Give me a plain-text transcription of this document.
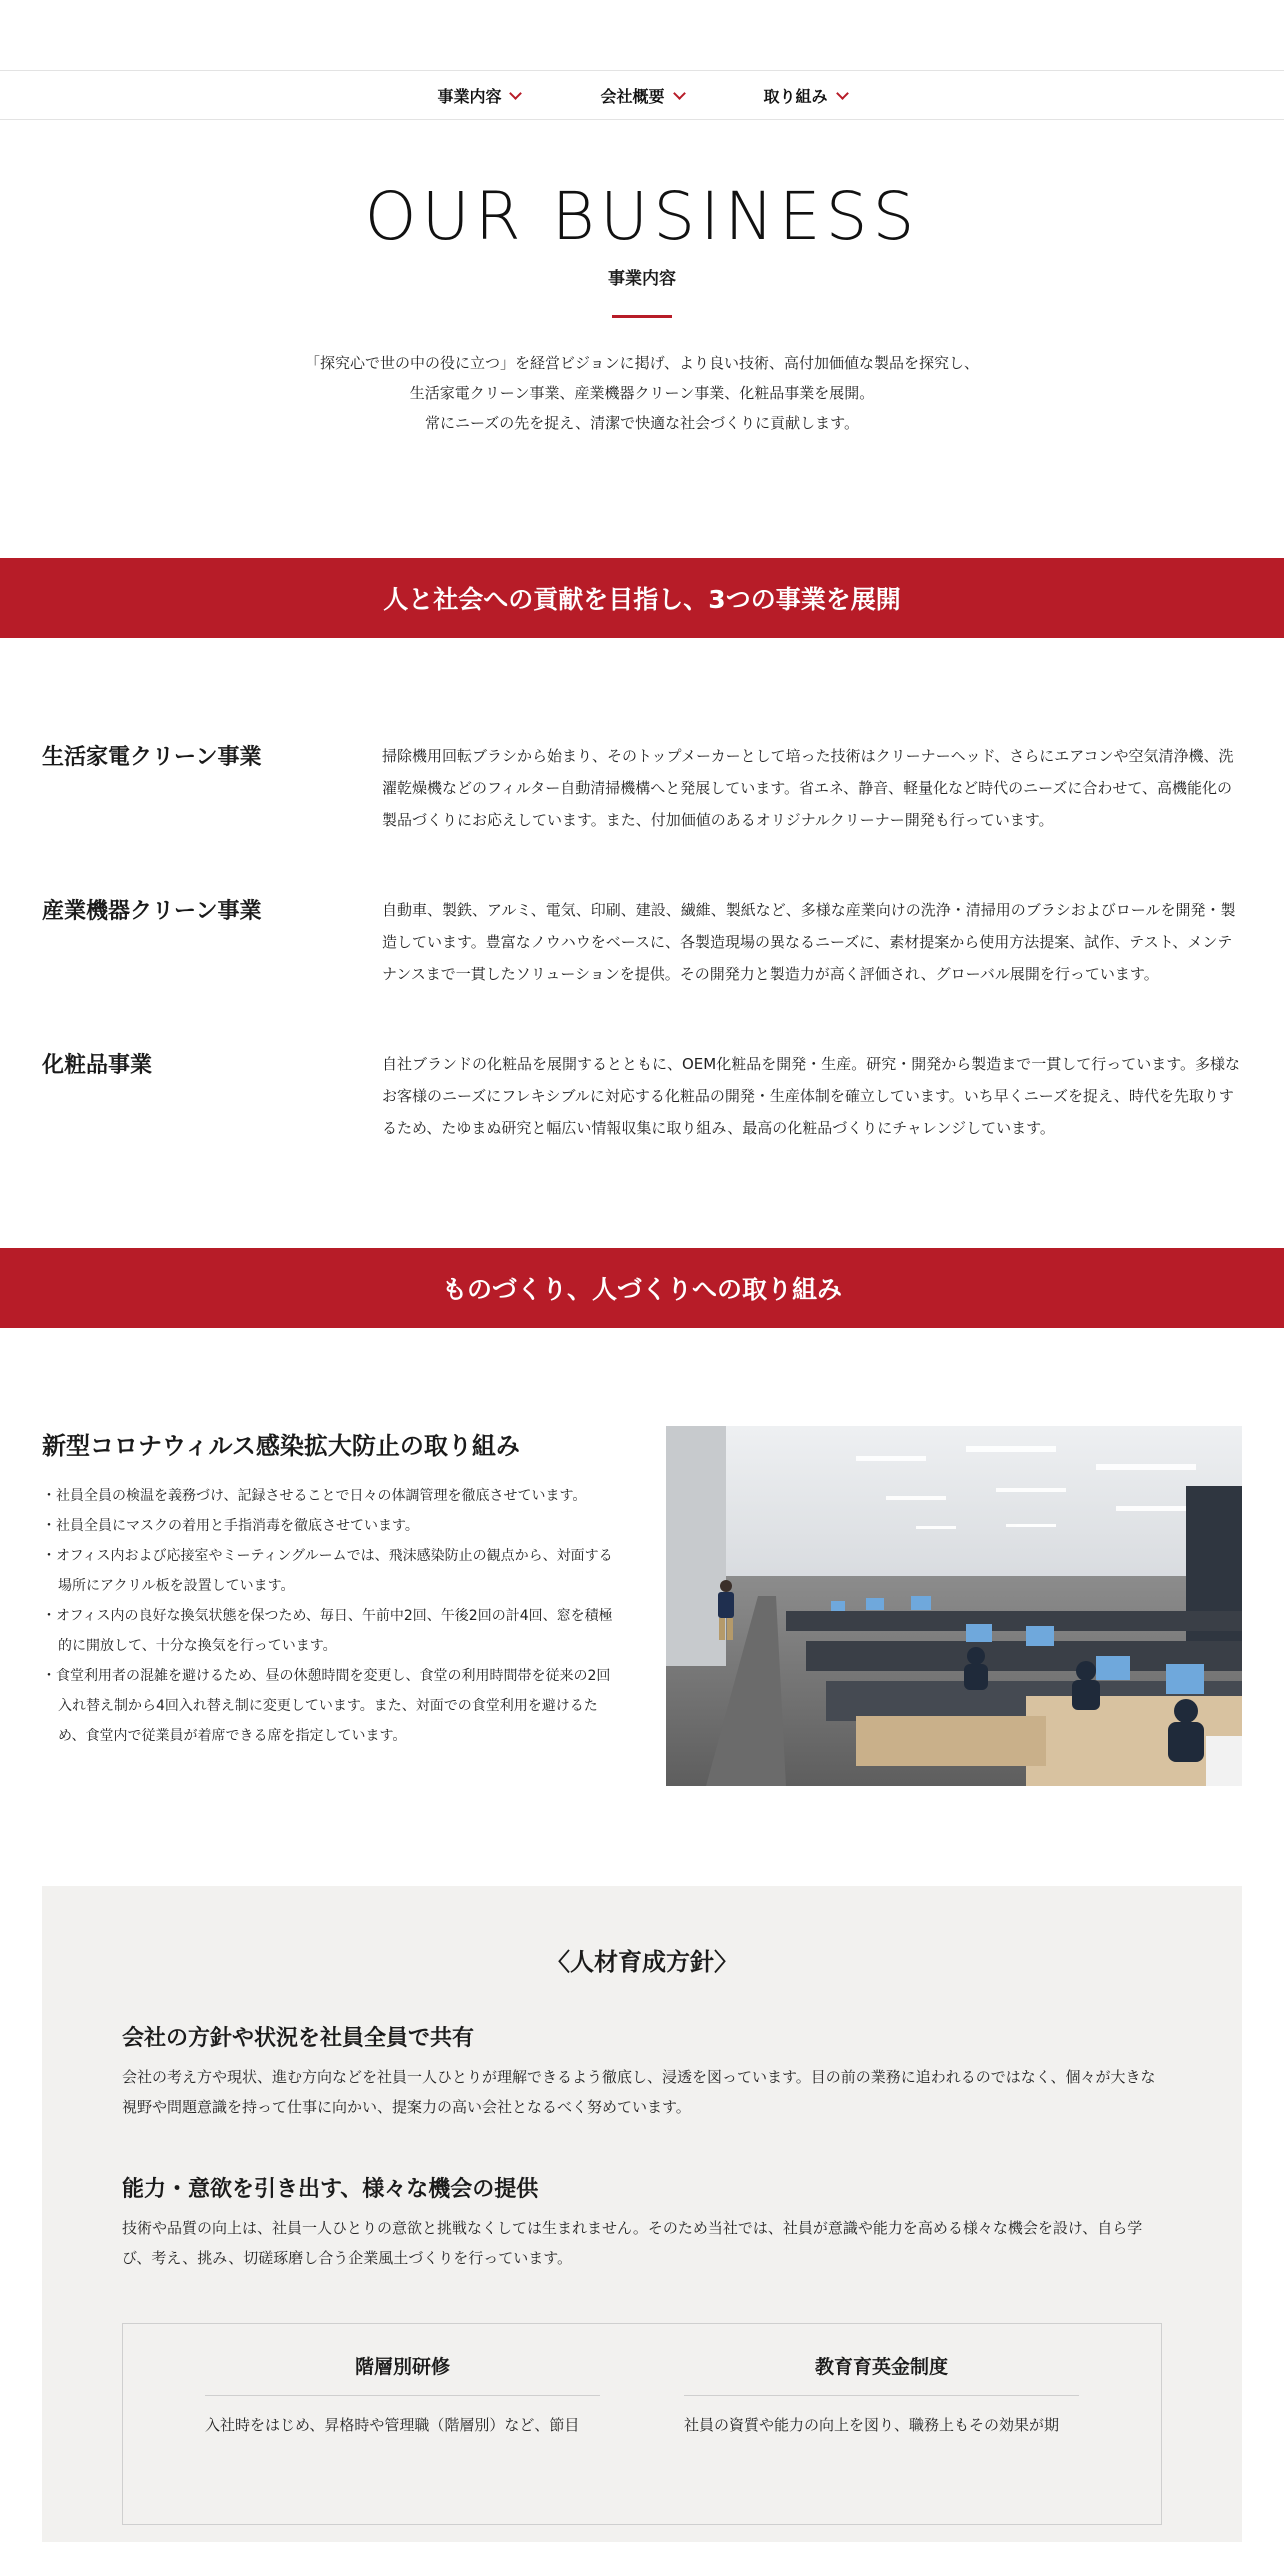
事業内容	会社概要	取り組み
OUR BUSINESS
事業内容
「探究心で世の中の役に立つ」を経営ビジョンに掲げ、より良い技術、高付加価値な製品を探究し、
生活家電クリーン事業、産業機器クリーン事業、化粧品事業を展開。
常にニーズの先を捉え、清潔で快適な社会づくりに貢献します。
人と社会への貢献を目指し、3つの事業を展開
生活家電クリーン事業	掃除機用回転ブラシから始まり、そのトップメーカーとして培った技術はクリーナーヘッド、さらにエアコンや空気清浄機、洗濯乾燥機などのフィルター自動清掃機構へと発展しています。省エネ、静音、軽量化など時代のニーズに合わせて、高機能化の製品づくりにお応えしています。また、付加価値のあるオリジナルクリーナー開発も行っています。
産業機器クリーン事業	自動車、製鉄、アルミ、電気、印刷、建設、繊維、製紙など、多様な産業向けの洗浄・清掃用のブラシおよびロールを開発・製造しています。豊富なノウハウをベースに、各製造現場の異なるニーズに、素材提案から使用方法提案、試作、テスト、メンテナンスまで一貫したソリューションを提供。その開発力と製造力が高く評価され、グローバル展開を行っています。
化粧品事業	自社ブランドの化粧品を展開するとともに、OEM化粧品を開発・生産。研究・開発から製造まで一貫して行っています。多様なお客様のニーズにフレキシブルに対応する化粧品の開発・生産体制を確立しています。いち早くニーズを捉え、時代を先取りするため、たゆまぬ研究と幅広い情報収集に取り組み、最高の化粧品づくりにチャレンジしています。
ものづくり、人づくりへの取り組み
新型コロナウィルス感染拡大防止の取り組み
・社員全員の検温を義務づけ、記録させることで日々の体調管理を徹底させています。
・社員全員にマスクの着用と手指消毒を徹底させています。
・オフィス内および応接室やミーティングルームでは、飛沫感染防止の観点から、対面する場所にアクリル板を設置しています。
・オフィス内の良好な換気状態を保つため、毎日、午前中2回、午後2回の計4回、窓を積極的に開放して、十分な換気を行っています。
・食堂利用者の混雑を避けるため、昼の休憩時間を変更し、食堂の利用時間帯を従来の2回入れ替え制から4回入れ替え制に変更しています。また、対面での食堂利用を避けるため、食堂内で従業員が着席できる席を指定しています。
〈人材育成方針〉
会社の方針や状況を社員全員で共有

会社の考え方や現状、進む方向などを社員一人ひとりが理解できるよう徹底し、浸透を図っています。目の前の業務に追われるのではなく、個々が大きな視野や問題意識を持って仕事に向かい、提案力の高い会社となるべく努めています。

能力・意欲を引き出す、様々な機会の提供

技術や品質の向上は、社員一人ひとりの意欲と挑戦なくしては生まれません。そのため当社では、社員が意識や能力を高める様々な機会を設け、自ら学び、考え、挑み、切磋琢磨し合う企業風土づくりを行っています。

階層別研修
入社時をはじめ、昇格時や管理職（階層別）など、節目
教育育英金制度
社員の資質や能力の向上を図り、職務上もその効果が期
